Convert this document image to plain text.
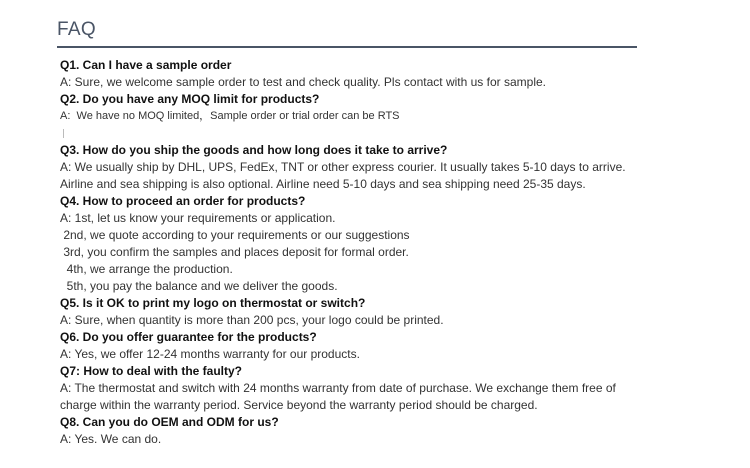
FAQ
Q1. Can I have a sample order
A: Sure, we welcome sample order to test and check quality. Pls contact with us for sample.
Q2. Do you have any MOQ limit for products?
A:  We have no MOQ limited，Sample order or trial order can be RTS
Q3. How do you ship the goods and how long does it take to arrive?
A: We usually ship by DHL, UPS, FedEx, TNT or other express courier. It usually takes 5-10 days to arrive.
Airline and sea shipping is also optional. Airline need 5-10 days and sea shipping need 25-35 days.
Q4. How to proceed an order for products?
A: 1st, let us know your requirements or application.
2nd, we quote according to your requirements or our suggestions
3rd, you confirm the samples and places deposit for formal order.
4th, we arrange the production.
5th, you pay the balance and we deliver the goods.
Q5. Is it OK to print my logo on thermostat or switch?
A: Sure, when quantity is more than 200 pcs, your logo could be printed.
Q6. Do you offer guarantee for the products?
A: Yes, we offer 12-24 months warranty for our products.
Q7: How to deal with the faulty?
A: The thermostat and switch with 24 months warranty from date of purchase. We exchange them free of
charge within the warranty period. Service beyond the warranty period should be charged.
Q8. Can you do OEM and ODM for us?
A: Yes. We can do.
